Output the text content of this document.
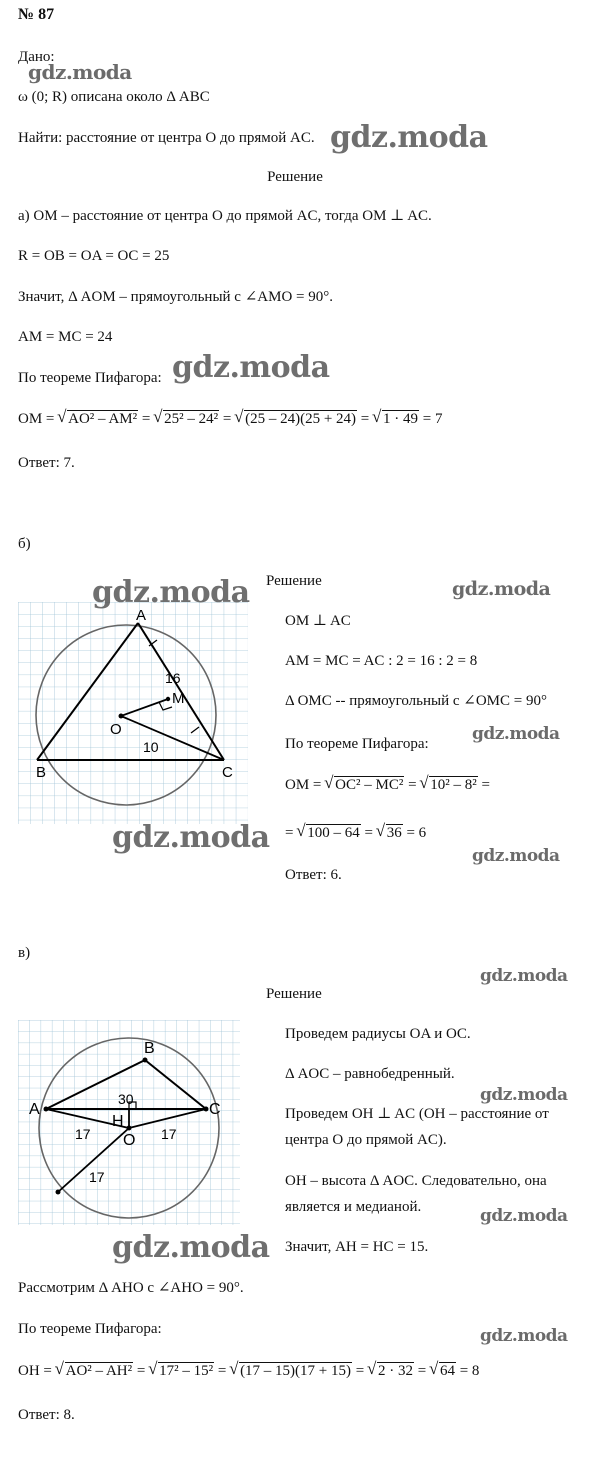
№ 87
Дано:
ω (0; R) описана около Δ ABC
Найти: расстояние от центра O до прямой AC.
Решение
а) OM – расстояние от центра O до прямой AC, тогда OM ⊥ AC.
R = OB = OA = OC = 25
Значит, Δ AOM – прямоугольный с ∠AMO = 90°.
AM = MC = 24
По теореме Пифагора:
OM = √ AO² – AM² = √ 25² – 24² = √ (25 – 24)(25 + 24) = √ 1 · 49 = 7
Ответ: 7.
б)
Решение
A
B	C
O
M
16
10
OM ⊥ AC
AM = MC = AC : 2 = 16 : 2 = 8
Δ OMC -- прямоугольный с ∠OMC = 90°
По теореме Пифагора:
OM = √ OC² – MC² = √ 10² – 8² =
= √ 100 – 64 = √ 36 = 6
Ответ: 6.
в)
Решение
A
B
C
O
H
30
17	17
17
Проведем радиусы OA и OC.
Δ AOC – равнобедренный.
Проведем OH ⊥ AC (OH – расстояние от
центра O до прямой AC).
OH – высота Δ AOC. Следовательно, она
является и медианой.
Значит, AH = HC = 15.
Рассмотрим Δ AHO с ∠AHO = 90°.
По теореме Пифагора:
OH = √ AO² – AH² = √ 17² – 15² = √ (17 – 15)(17 + 15) = √ 2 · 32 = √ 64 = 8
Ответ: 8.
gdz.moda
gdz.moda
gdz.moda
gdz.moda	gdz.moda
gdz.moda
gdz.moda
gdz.moda
gdz.moda
gdz.moda
gdz.moda
gdz.moda
gdz.moda
